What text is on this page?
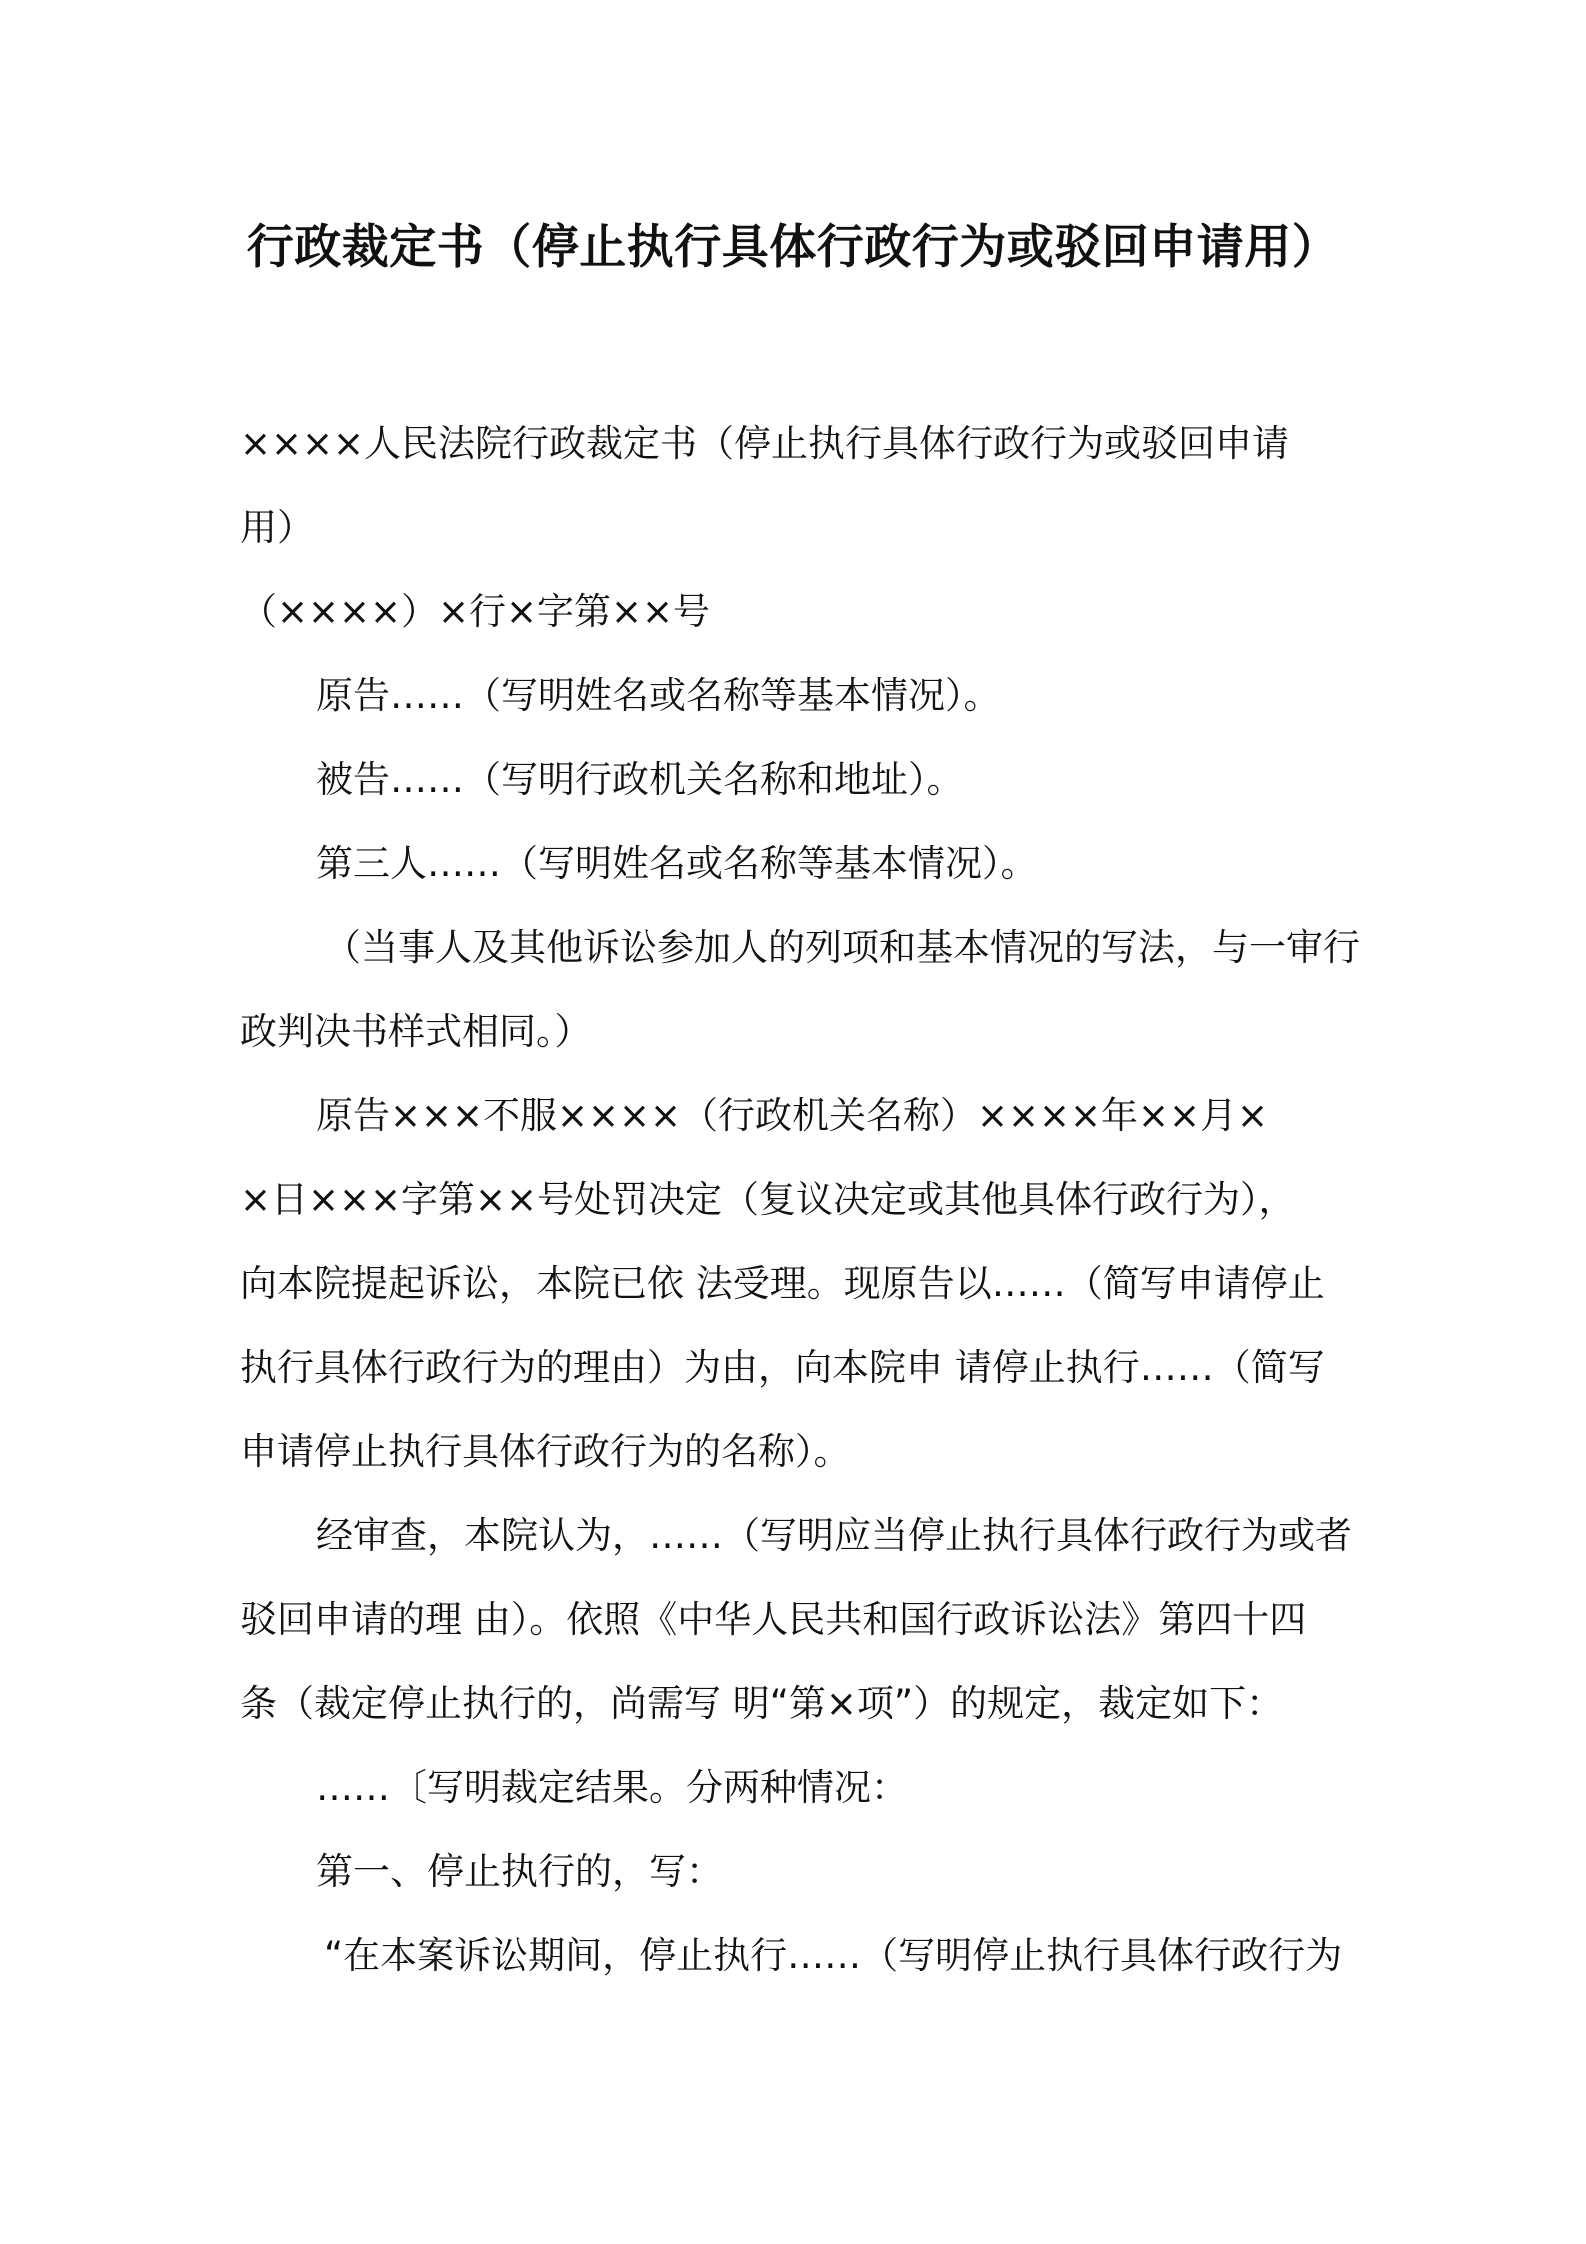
行政裁定书（停止执行具体行政行为或驳回申请用）

××××人民法院行政裁定书（停止执行具体行政行为或驳回申请

用）

（××××）×行×字第××号

原告……（写明姓名或名称等基本情况）。

被告……（写明行政机关名称和地址）。

第三人……（写明姓名或名称等基本情况）。

（当事人及其他诉讼参加人的列项和基本情况的写法，与一审行

政判决书样式相同。）

原告×××不服××××（行政机关名称）××××年××月×

×日×××字第××号处罚决定（复议决定或其他具体行政行为），

向本院提起诉讼，本院已依 法受理。现原告以……（简写申请停止

执行具体行政行为的理由）为由，向本院申 请停止执行……（简写

申请停止执行具体行政行为的名称）。

经审查，本院认为，……（写明应当停止执行具体行政行为或者

驳回申请的理 由）。依照《中华人民共和国行政诉讼法》第四十四

条（裁定停止执行的，尚需写 明“第×项”）的规定，裁定如下：

……〔写明裁定结果。分两种情况：

第一、停止执行的，写：

“在本案诉讼期间，停止执行……（写明停止执行具体行政行为
